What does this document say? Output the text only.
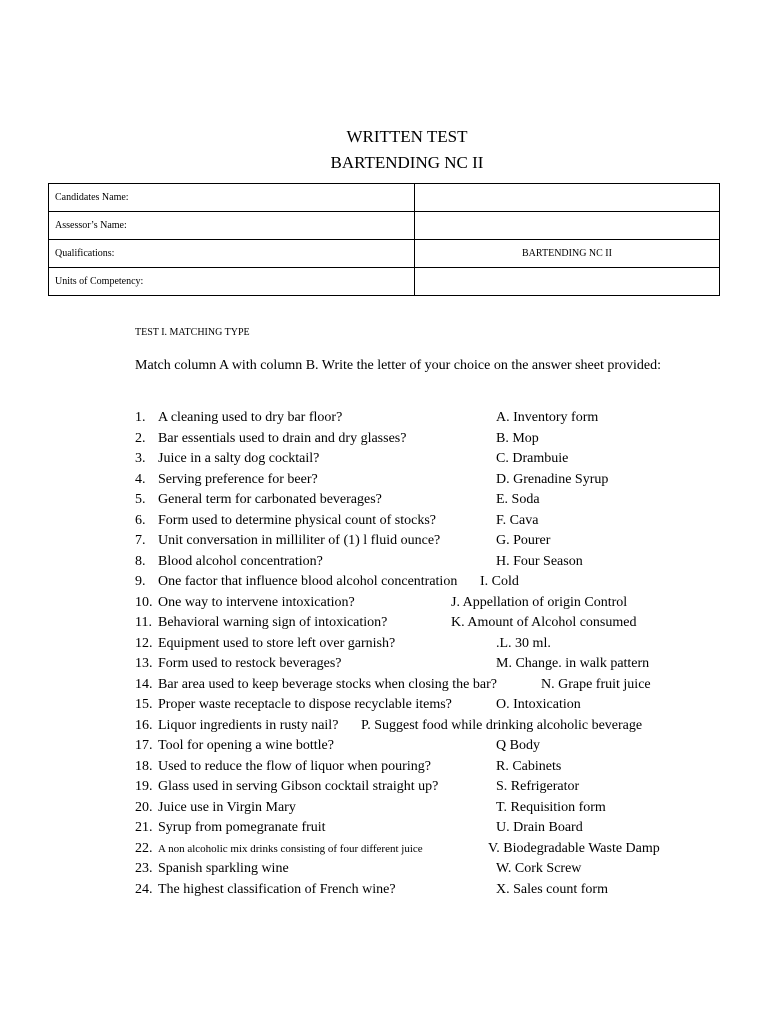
WRITTEN TEST
BARTENDING NC II
Candidates Name:	
Assessor’s Name:	
Qualifications:	BARTENDING NC II
Units of Competency:	
TEST I. MATCHING TYPE
Match column A with column B. Write the letter of your choice on the answer sheet provided:
1. A cleaning used to dry bar floor?	A. Inventory form
2. Bar essentials used to drain and dry glasses?	B. Mop
3. Juice in a salty dog cocktail?	C. Drambuie
4. Serving preference for beer?	D. Grenadine Syrup
5. General term for carbonated beverages?	E. Soda
6. Form used to determine physical count of stocks?	F. Cava
7. Unit conversation in milliliter of (1) l fluid ounce?	G. Pourer
8. Blood alcohol concentration?	H. Four Season
9. One factor that influence blood alcohol concentration I. Cold
10. One way to intervene intoxication?	J. Appellation of origin Control
11. Behavioral warning sign of intoxication?	K. Amount of Alcohol consumed
12. Equipment used to store left over garnish?	.L. 30 ml.
13. Form used to restock beverages?	M. Change. in walk pattern
14. Bar area used to keep beverage stocks when closing the bar?	N. Grape fruit juice
15. Proper waste receptacle to dispose recyclable items?	O. Intoxication
16. Liquor ingredients in rusty nail? P. Suggest food while drinking alcoholic beverage
17. Tool for opening a wine bottle?	Q Body
18. Used to reduce the flow of liquor when pouring?	R. Cabinets
19. Glass used in serving Gibson cocktail straight up?	S. Refrigerator
20. Juice use in Virgin Mary	T. Requisition form
21. Syrup from pomegranate fruit	U. Drain Board
22. A non alcoholic mix drinks consisting of four different juice	V. Biodegradable Waste Damp
23. Spanish sparkling wine	W. Cork Screw
24. The highest classification of French wine?	X. Sales count form
